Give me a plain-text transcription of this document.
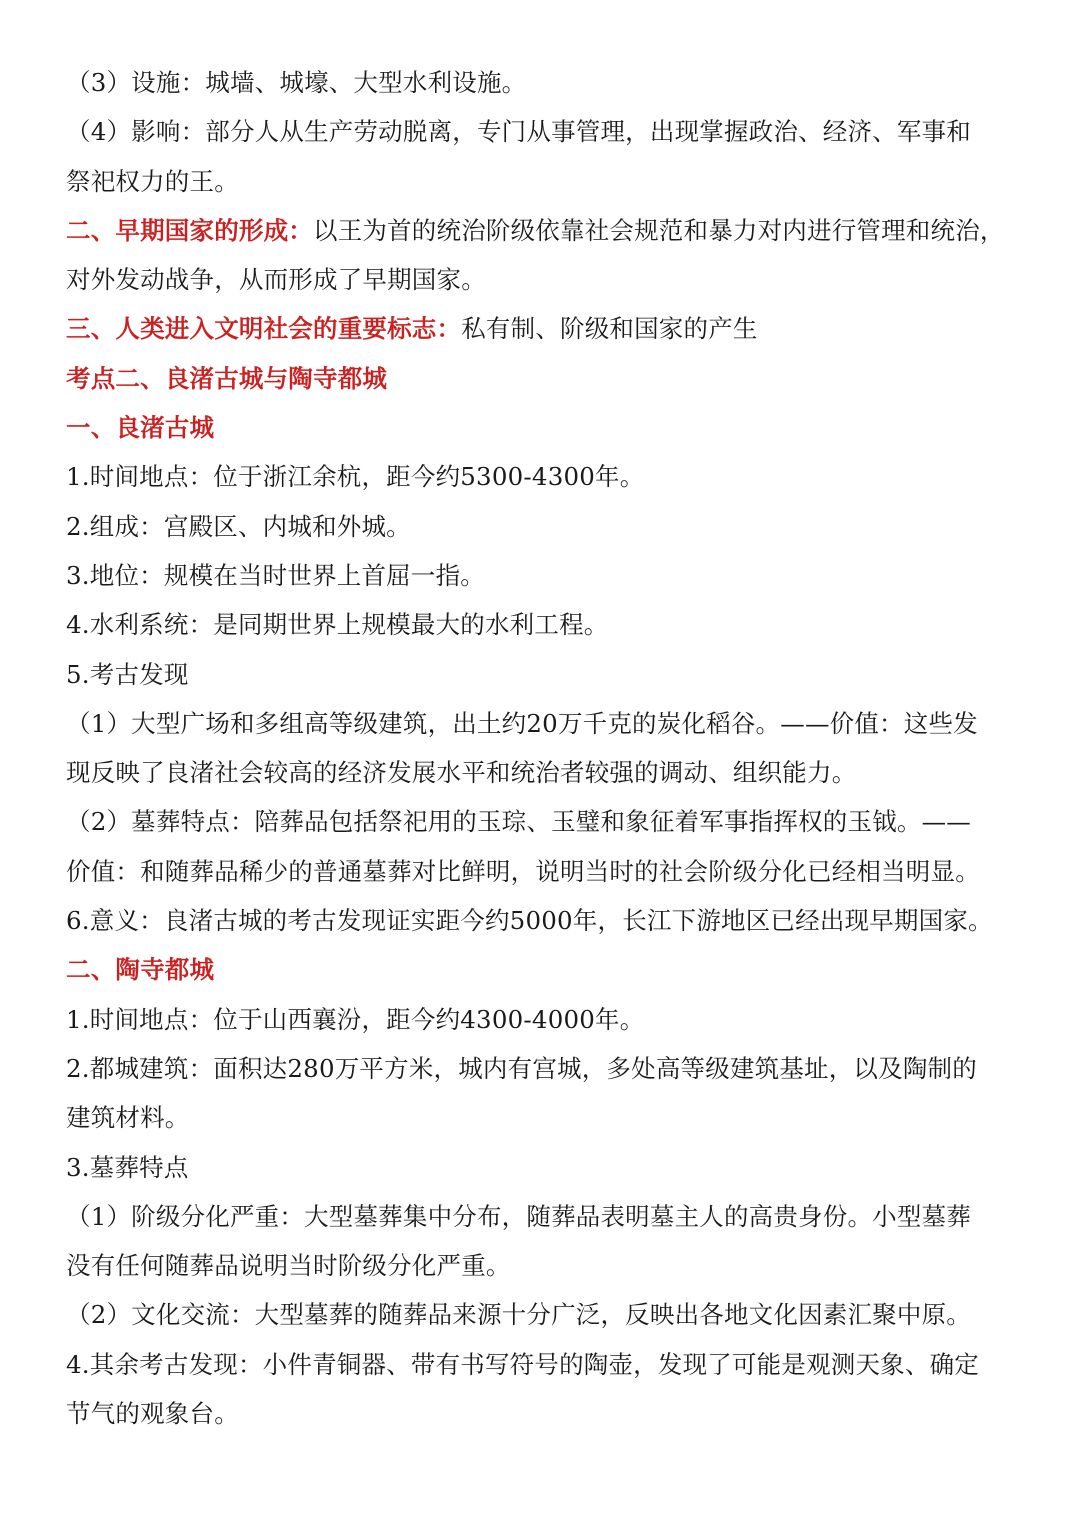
（3）设施：城墙、城壕、大型水利设施。
（4）影响：部分人从生产劳动脱离，专门从事管理，出现掌握政治、经济、军事和
祭祀权力的王。
二、早期国家的形成：以王为首的统治阶级依靠社会规范和暴力对内进行管理和统治，
对外发动战争，从而形成了早期国家。
三、人类进入文明社会的重要标志：私有制、阶级和国家的产生
考点二、良渚古城与陶寺都城
一、良渚古城
1.时间地点：位于浙江余杭，距今约5300-4300年。
2.组成：宫殿区、内城和外城。
3.地位：规模在当时世界上首屈一指。
4.水利系统：是同期世界上规模最大的水利工程。
5.考古发现
（1）大型广场和多组高等级建筑，出土约20万千克的炭化稻谷。——价值：这些发
现反映了良渚社会较高的经济发展水平和统治者较强的调动、组织能力。
（2）墓葬特点：陪葬品包括祭祀用的玉琮、玉璧和象征着军事指挥权的玉钺。——
价值：和随葬品稀少的普通墓葬对比鲜明，说明当时的社会阶级分化已经相当明显。
6.意义：良渚古城的考古发现证实距今约5000年，长江下游地区已经出现早期国家。
二、陶寺都城
1.时间地点：位于山西襄汾，距今约4300-4000年。
2.都城建筑：面积达280万平方米，城内有宫城，多处高等级建筑基址，以及陶制的
建筑材料。
3.墓葬特点
（1）阶级分化严重：大型墓葬集中分布，随葬品表明墓主人的高贵身份。小型墓葬
没有任何随葬品说明当时阶级分化严重。
（2）文化交流：大型墓葬的随葬品来源十分广泛，反映出各地文化因素汇聚中原。
4.其余考古发现：小件青铜器、带有书写符号的陶壶，发现了可能是观测天象、确定
节气的观象台。
